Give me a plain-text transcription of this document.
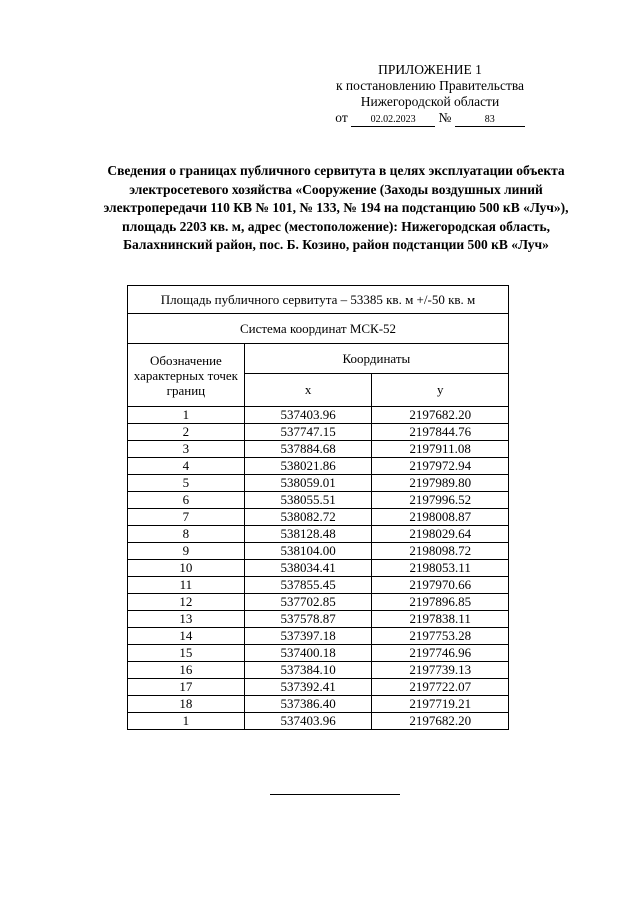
ПРИЛОЖЕНИЕ 1
к постановлению Правительства
Нижегородской области
от 02.02.2023 №	83
Сведения о границах публичного сервитута в целях эксплуатации объекта электросетевого хозяйства «Сооружение (Заходы воздушных линий электропередачи 110 КВ № 101, № 133, № 194 на подстанцию 500 кВ «Луч»), площадь 2203 кв. м, адрес (местоположение): Нижегородская область, Балахнинский район, пос. Б. Козино, район подстанции 500 кВ «Луч»
Площадь публичного сервитута – 53385 кв. м +/-50 кв. м		
Система координат МСК-52		
Обозначение характерных точек границ	Координаты	
	x	y
1	537403.96	2197682.20
2	537747.15	2197844.76
3	537884.68	2197911.08
4	538021.86	2197972.94
5	538059.01	2197989.80
6	538055.51	2197996.52
7	538082.72	2198008.87
8	538128.48	2198029.64
9	538104.00	2198098.72
10	538034.41	2198053.11
11	537855.45	2197970.66
12	537702.85	2197896.85
13	537578.87	2197838.11
14	537397.18	2197753.28
15	537400.18	2197746.96
16	537384.10	2197739.13
17	537392.41	2197722.07
18	537386.40	2197719.21
1	537403.96	2197682.20
